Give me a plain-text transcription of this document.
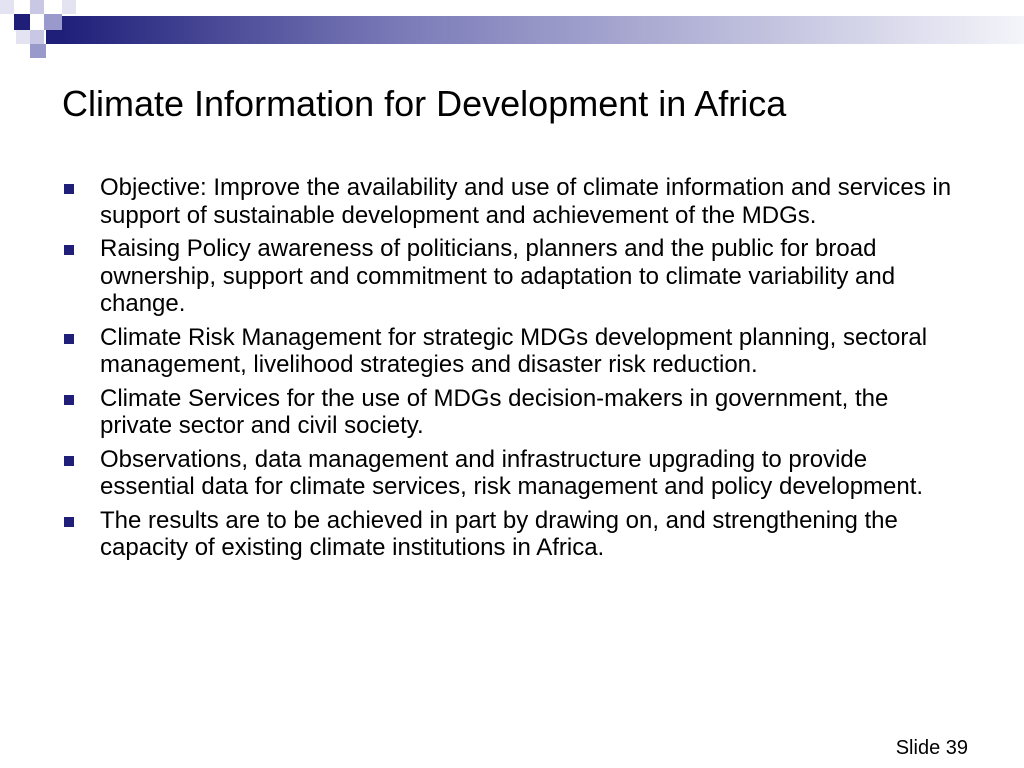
Climate Information for Development in Africa
Objective: Improve the availability and use of climate information and services in support of sustainable development and achievement of the MDGs.
Raising Policy awareness of politicians, planners and the public for broad ownership, support and commitment to adaptation to climate variability and change.
Climate Risk Management for strategic MDGs development planning, sectoral management, livelihood strategies and disaster risk reduction.
Climate Services for the use of MDGs decision-makers in government, the private sector and civil society.
Observations, data management and infrastructure upgrading to provide essential data for climate services, risk management and policy development.
The results are to be achieved in part by drawing on, and strengthening the capacity of existing climate institutions in Africa.
Slide 39
